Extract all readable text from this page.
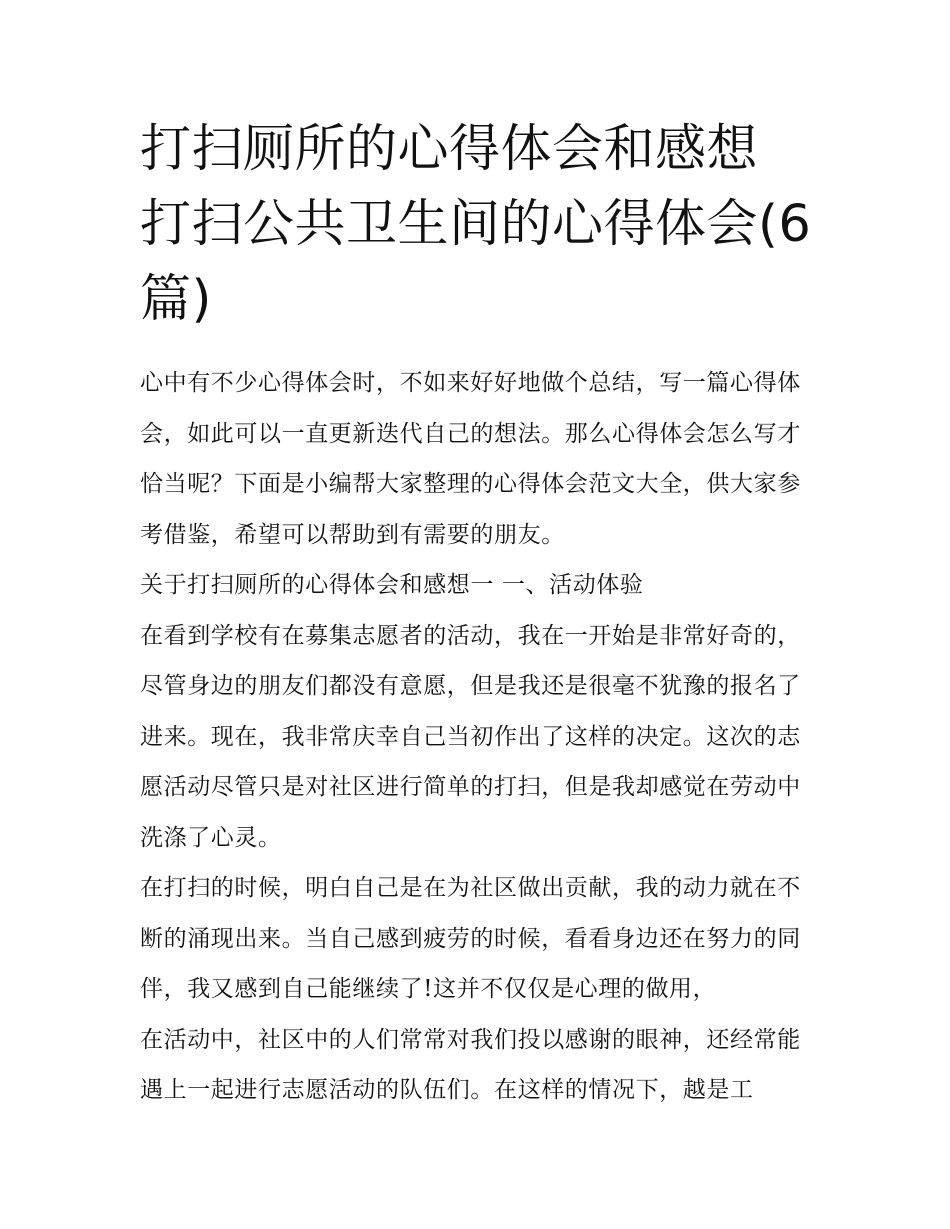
打扫厕所的心得体会和感想 打扫公共卫生间的心得体会(6篇)

心中有不少心得体会时，不如来好好地做个总结，写一篇心得体会，如此可以一直更新迭代自己的想法。那么心得体会怎么写才恰当呢？下面是小编帮大家整理的心得体会范文大全，供大家参考借鉴，希望可以帮助到有需要的朋友。

关于打扫厕所的心得体会和感想一 一、活动体验

在看到学校有在募集志愿者的活动，我在一开始是非常好奇的，尽管身边的朋友们都没有意愿，但是我还是很毫不犹豫的报名了进来。现在，我非常庆幸自己当初作出了这样的决定。这次的志愿活动尽管只是对社区进行简单的打扫，但是我却感觉在劳动中洗涤了心灵。

在打扫的时候，明白自己是在为社区做出贡献，我的动力就在不断的涌现出来。当自己感到疲劳的时候，看看身边还在努力的同伴，我又感到自己能继续了!这并不仅仅是心理的做用，

在活动中，社区中的人们常常对我们投以感谢的眼神，还经常能遇上一起进行志愿活动的队伍们。在这样的情况下，越是工
